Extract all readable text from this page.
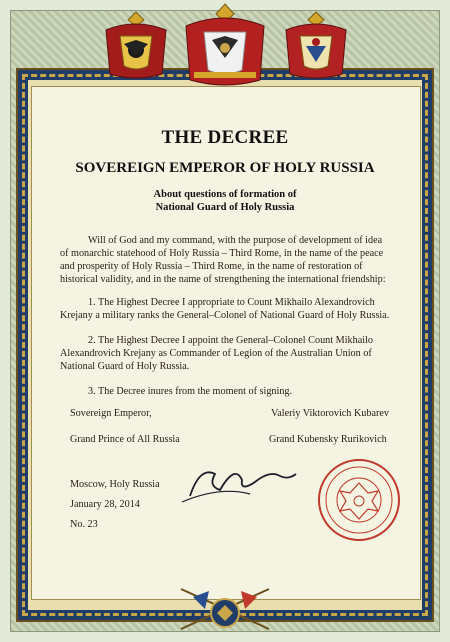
THE DECREE
SOVEREIGN EMPEROR OF HOLY RUSSIA
About questions of formation of
National Guard of Holy Russia
Will of God and my command, with the purpose of development of idea of monarchic statehood of Holy Russia – Third Rome, in the name of the peace and prosperity of Holy Russia – Third Rome, in the name of restoration of historical validity, and in the name of strengthening the international friendship:
1. The Highest Decree I appropriate to Count Mikhailo Alexandrovich Krejany a military ranks the General–Colonel of National Guard of Holy Russia.
2. The Highest Decree I appoint the General–Colonel Count Mikhailo Alexandrovich Krejany as Commander of Legion of the Australian Union of National Guard of Holy Russia.
3. The Decree inures from the moment of signing.
Sovereign Emperor,	Valeriy Viktorovich Kubarev
Grand Prince of All Russia	Grand Kubensky Rurikovich
Moscow, Holy Russia
January 28, 2014
No. 23
